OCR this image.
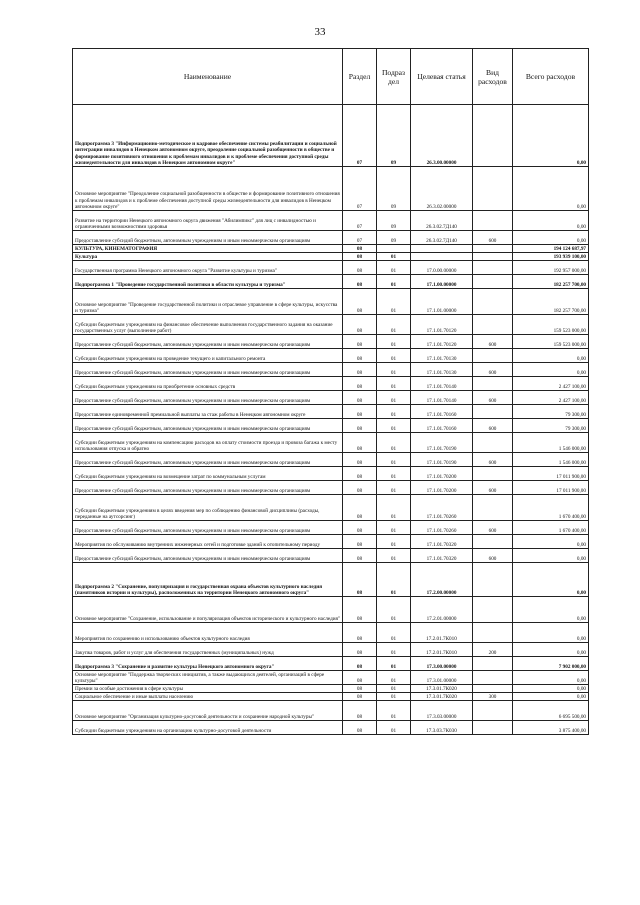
33
Наименование	Раздел	Подраз дел	Целевая статья	Вид расходов	Всего расходов
Подпрограмма 3 "Информационно-методическое и кадровое обеспечение системы реабилитации и социальной интеграции инвалидов в Ненецком автономном округе, преодоление социальной разобщенности в обществе и формирование позитивного отношения к проблемам инвалидов и к проблеме обеспечения доступной среды жизнедеятельности для инвалидов в Ненецком автономном округе"	07	09	26.3.00.00000		0,00
Основное мероприятие "Преодоление социальной разобщенности в обществе и формирование позитивного отношения к проблемам инвалидов и к проблеме обеспечения доступной среды жизнедеятельности для инвалидов в Ненецком автономном округе"	07	09	26.3.02.00000		0,00
Развитие на территории Ненецкого автономного округа движения "Абилимпикс" для лиц с инвалидностью и ограниченными возможностями здоровья	07	09	26.3.02.7Д140		0,00
Предоставление субсидий бюджетным, автономным учреждениям и иным некоммерческим организациям	07	09	26.3.02.7Д140	600	0,00
КУЛЬТУРА, КИНЕМАТОГРАФИЯ	08				194 124 687,97
Культура	08	01			193 939 100,00
Государственная программа Ненецкого автономного округа "Развитие культуры и туризма"	08	01	17.0.00.00000		192 957 000,00
Подпрограмма 1 "Проведение государственной политики в области культуры и туризма"	08	01	17.1.00.00000		182 257 700,00
Основное мероприятие "Проведение государственной политики и отраслевое управление в сфере культуры, искусства и туризма"	08	01	17.1.01.00000		182 257 700,00
Субсидии бюджетным учреждениям на финансовое обеспечение выполнения государственного задания на оказание государственных услуг (выполнение работ)	08	01	17.1.01.70120		159 523 000,00
Предоставление субсидий бюджетным, автономным учреждениям и иным некоммерческим организациям	08	01	17.1.01.70120	600	159 523 000,00
Субсидии бюджетным учреждениям на проведение текущего и капитального ремонта	08	01	17.1.01.70130		0,00
Предоставление субсидий бюджетным, автономным учреждениям и иным некоммерческим организациям	08	01	17.1.01.70130	600	0,00
Субсидии бюджетным учреждениям на приобретение основных средств	08	01	17.1.01.70140		2 427 100,00
Предоставление субсидий бюджетным, автономным учреждениям и иным некоммерческим организациям	08	01	17.1.01.70140	600	2 427 100,00
Предоставление единовременной премиальной выплаты за стаж работы в Ненецком автономном округе	08	01	17.1.01.70160		79 300,00
Предоставление субсидий бюджетным, автономным учреждениям и иным некоммерческим организациям	08	01	17.1.01.70160	600	79 300,00
Субсидии бюджетным учреждениям на компенсацию расходов на оплату стоимости проезда и провоза багажа к месту использования отпуска и обратно	08	01	17.1.01.70190		1 546 000,00
Предоставление субсидий бюджетным, автономным учреждениям и иным некоммерческим организациям	08	01	17.1.01.70190	600	1 546 000,00
Субсидии бюджетным учреждениям на возмещение затрат по коммунальным услугам	08	01	17.1.01.70200		17 011 900,00
Предоставление субсидий бюджетным, автономным учреждениям и иным некоммерческим организациям	08	01	17.1.01.70200	600	17 011 900,00
Субсидии бюджетным учреждениям в целях введения мер по соблюдению финансовой дисциплины (расходы, переданные на аутсорсинг)	08	01	17.1.01.70260		1 670 400,00
Предоставление субсидий бюджетным, автономным учреждениям и иным некоммерческим организациям	08	01	17.1.01.70260	600	1 670 400,00
Мероприятия по обслуживанию внутренних инженерных сетей и подготовке зданий к отопительному периоду	08	01	17.1.01.70320		0,00
Предоставление субсидий бюджетным, автономным учреждениям и иным некоммерческим организациям	08	01	17.1.01.70320	600	0,00
Подпрограмма 2 "Сохранение, популяризация и государственная охрана объектов культурного наследия (памятников истории и культуры), расположенных на территории Ненецкого автономного округа"	08	01	17.2.00.00000		0,00
Основное мероприятие "Сохранение, использование и популяризация объектов исторического и культурного наследия"	08	01	17.2.01.00000		0,00
Мероприятия по сохранению и использованию объектов культурного наследия	08	01	17.2.01.7К010		0,00
Закупка товаров, работ и услуг для обеспечения государственных (муниципальных) нужд	08	01	17.2.01.7К010	200	0,00
Подпрограмма 3 "Сохранение и развитие культуры Ненецкого автономного округа"	08	01	17.3.00.00000		7 902 000,00
Основное мероприятие "Поддержка творческих инициатив, а также выдающихся деятелей, организаций в сфере культуры"	08	01	17.3.01.00000		0,00
Премии за особые достижения в сфере культуры	08	01	17.3.01.7К020		0,00
Социальное обеспечение и иные выплаты населению	08	01	17.3.01.7К020	300	0,00
Основное мероприятие "Организация культурно-досуговой деятельности и сохранение народной культуры"	08	01	17.3.03.00000		6 695 500,00
Субсидии бюджетным учреждениям на организацию культурно-досуговой деятельности	08	01	17.3.03.7К030		3 875 400,00
